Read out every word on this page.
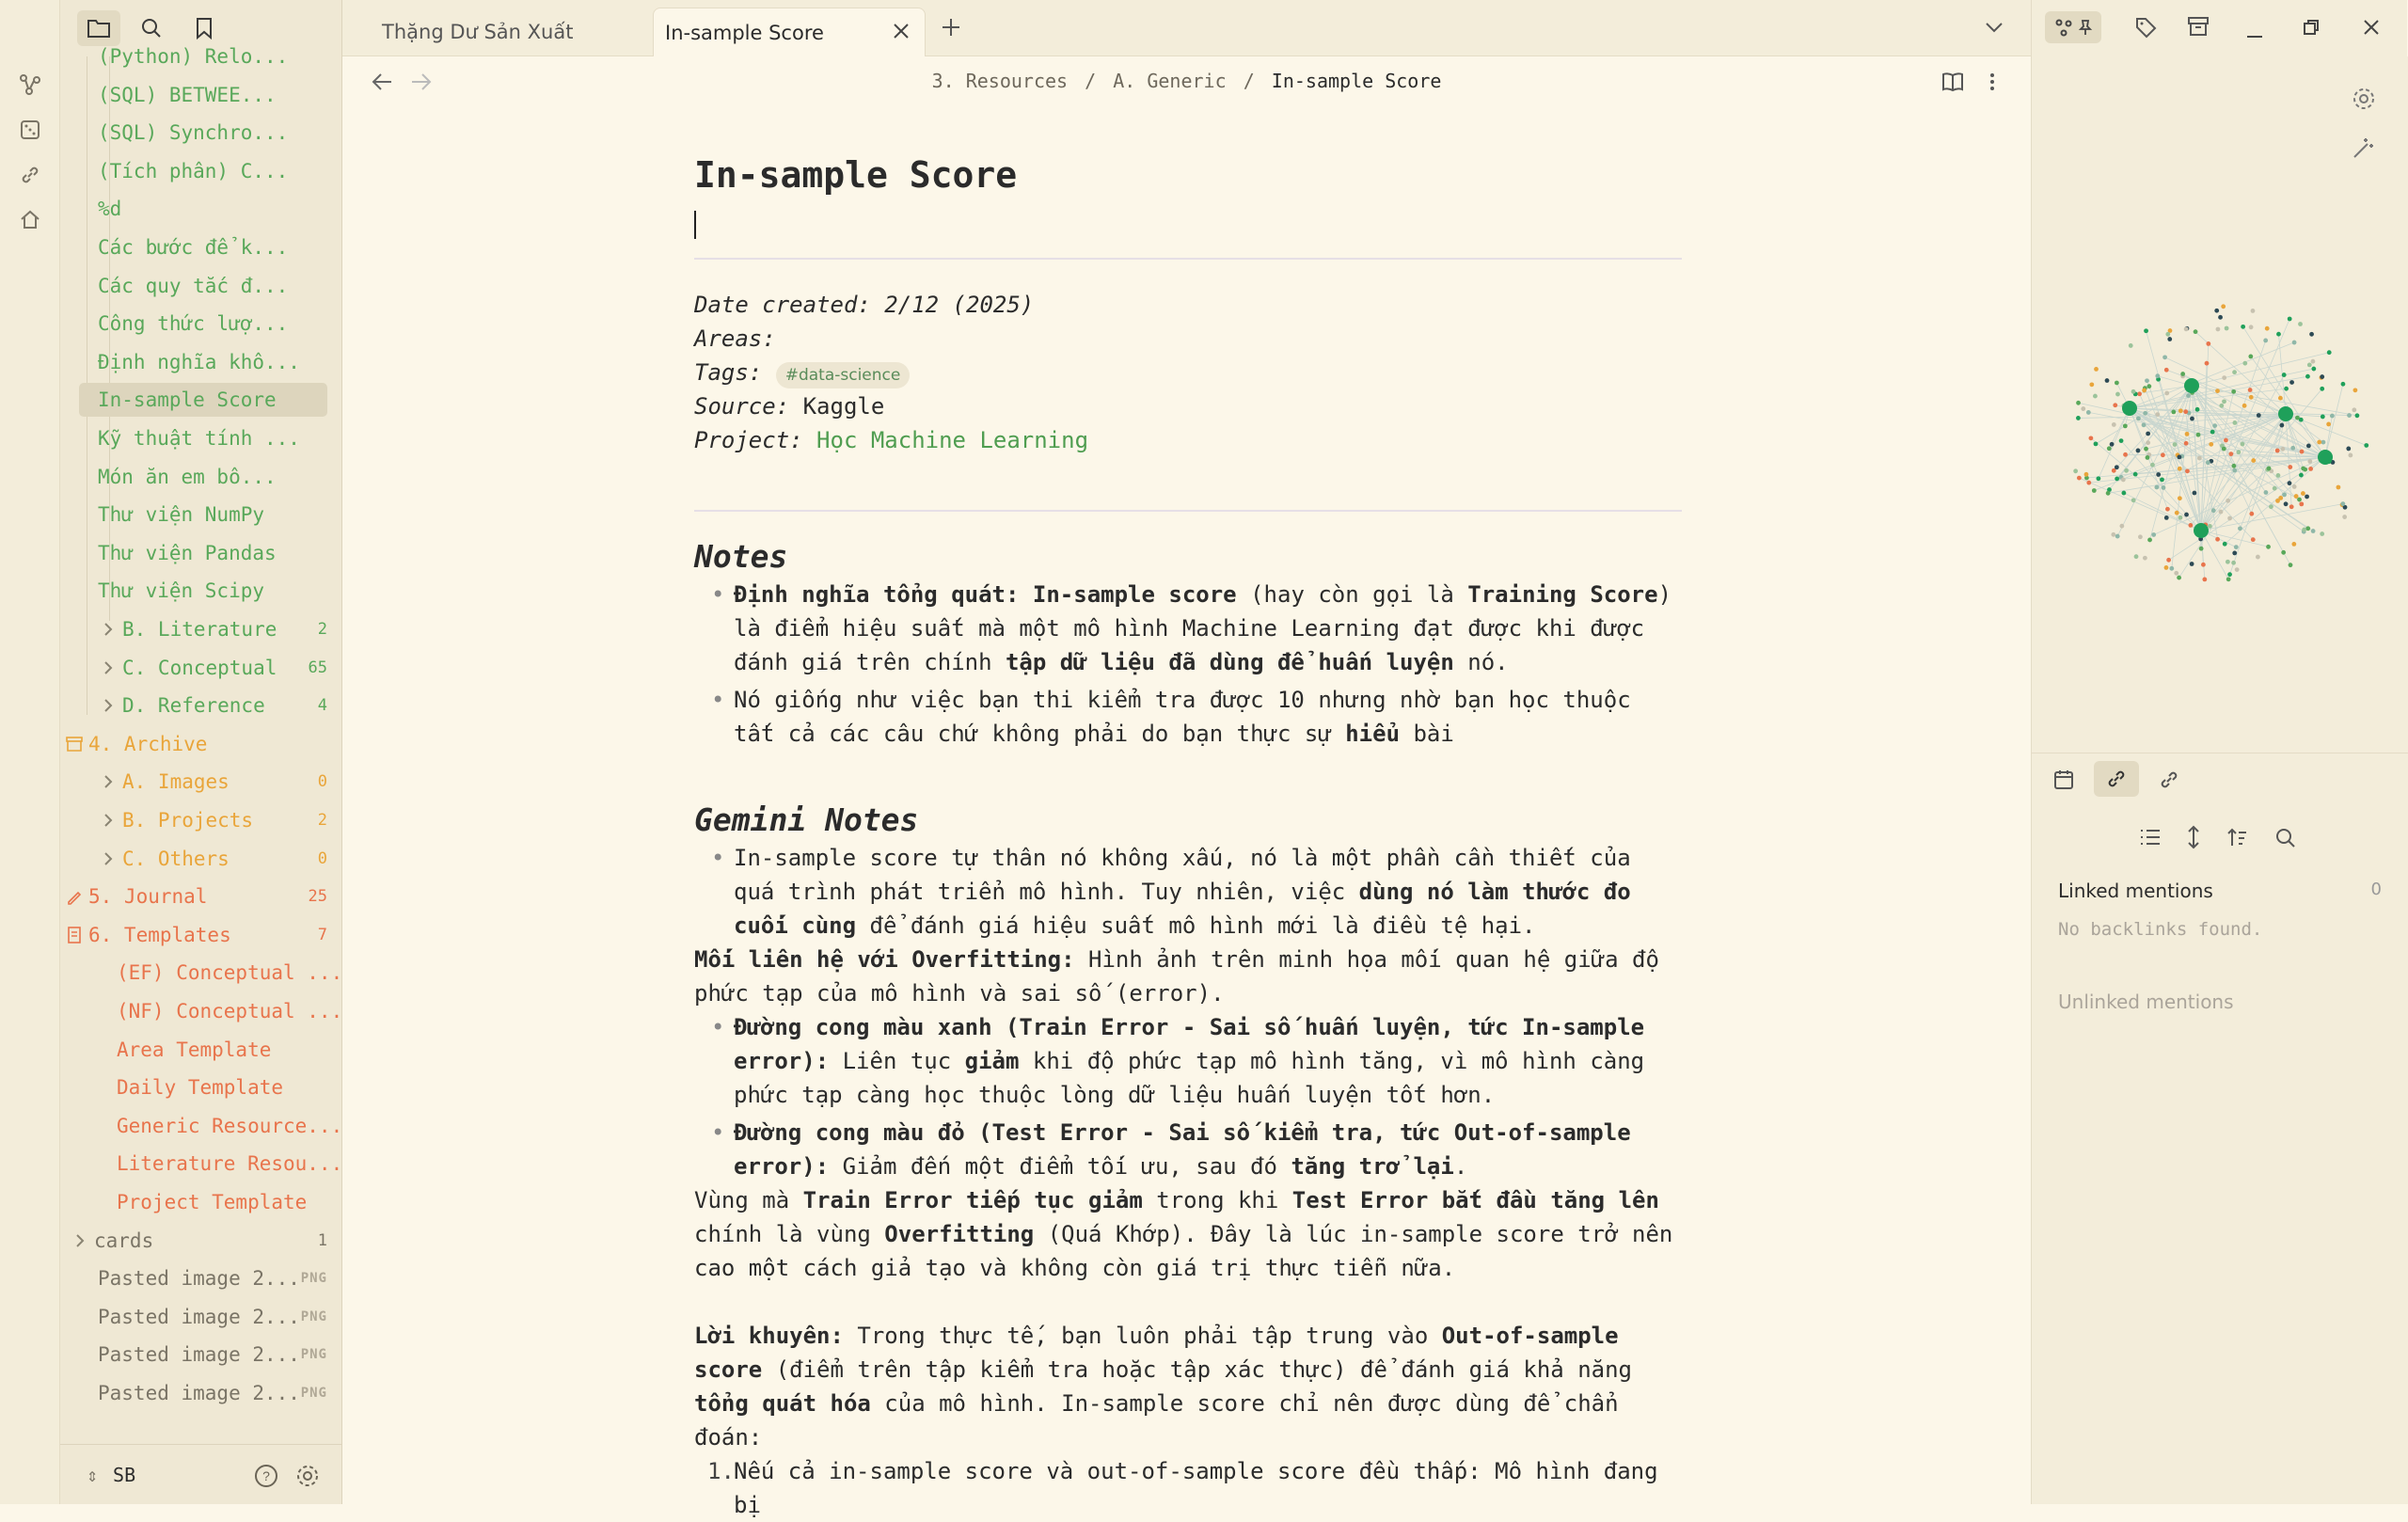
(Python) Relo...
(SQL) BETWEE...
(SQL) Synchro...
(Tích phân) C...
%d
Các bước để k...
Các quy tắc đ...
Công thức lượ...
Định nghĩa khô...
In-sample Score
Kỹ thuật tính ...
Món ăn em bô...
Thư viện NumPy
Thư viện Pandas
Thư viện Scipy
B. Literature	2
C. Conceptual 65
D. Reference	4
4. Archive
A. Images	0
B. Projects	2
C. Others	0
5. Journal	25
6. Templates	7
(EF) Conceptual ...
(NF) Conceptual ...
Area Template
Daily Template
Generic Resource...
Literature Resou...
Project Template
cards	1
Pasted image 2... PNG
Pasted image 2... PNG
Pasted image 2... PNG
Pasted image 2... PNG
⇕ SB	?
Thặng Dư Sản Xuất	In-sample Score
3. Resources / A. Generic / In-sample Score
In-sample Score
Date created: 2/12 (2025)
Areas:
Tags: #data-science
Source: Kaggle
Project: Học Machine Learning
Notes
• Định nghĩa tổng quát: In-sample score (hay còn gọi là Training Score) là điểm hiệu suất mà một mô hình Machine Learning đạt được khi được đánh giá trên chính tập dữ liệu đã dùng để huấn luyện nó.
• Nó giống như việc bạn thi kiểm tra được 10 nhưng nhờ bạn học thuộc tất cả các câu chứ không phải do bạn thực sự hiểu bài
Gemini Notes
• In-sample score tự thân nó không xấu, nó là một phần cần thiết của quá trình phát triển mô hình. Tuy nhiên, việc dùng nó làm thước đo cuối cùng để đánh giá hiệu suất mô hình mới là điều tệ hại.

Mối liên hệ với Overfitting: Hình ảnh trên minh họa mối quan hệ giữa độ phức tạp của mô hình và sai số (error).

• Đường cong màu xanh (Train Error - Sai số huấn luyện, tức In-sample error): Liên tục giảm khi độ phức tạp mô hình tăng, vì mô hình càng phức tạp càng học thuộc lòng dữ liệu huấn luyện tốt hơn.
• Đường cong màu đỏ (Test Error - Sai số kiểm tra, tức Out-of-sample error): Giảm đến một điểm tối ưu, sau đó tăng trở lại.

Vùng mà Train Error tiếp tục giảm trong khi Test Error bắt đầu tăng lên chính là vùng Overfitting (Quá Khớp). Đây là lúc in-sample score trở nên cao một cách giả tạo và không còn giá trị thực tiễn nữa.

Lời khuyên: Trong thực tế, bạn luôn phải tập trung vào Out-of-sample score (điểm trên tập kiểm tra hoặc tập xác thực) để đánh giá khả năng tổng quát hóa của mô hình. In-sample score chỉ nên được dùng để chẩn đoán:

1. Nếu cả in-sample score và out-of-sample score đều thấp: Mô hình đang bị
Linked mentions	0
No backlinks found.
Unlinked mentions
